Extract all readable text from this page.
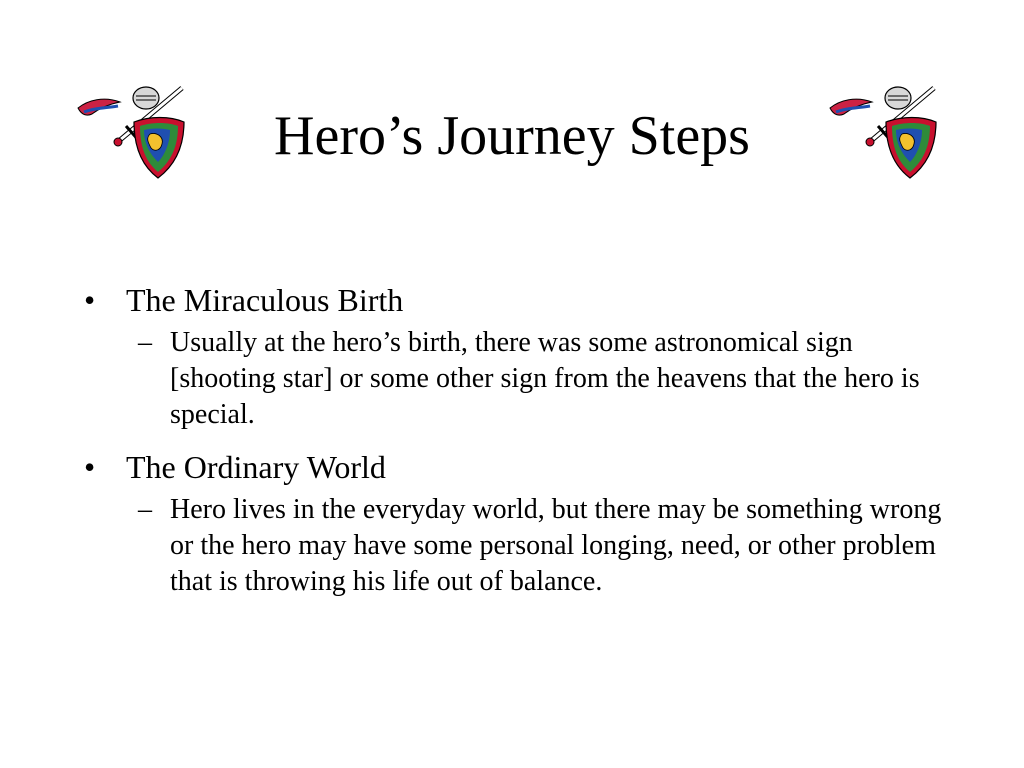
Hero’s Journey Steps
• The Miraculous Birth
– Usually at the hero’s birth, there was some astronomical sign [shooting star] or some other sign from the heavens that the hero is special.
• The Ordinary World
– Hero lives in the everyday world, but there may be something wrong or the hero may have some personal longing, need, or other problem that is throwing his life out of balance.
